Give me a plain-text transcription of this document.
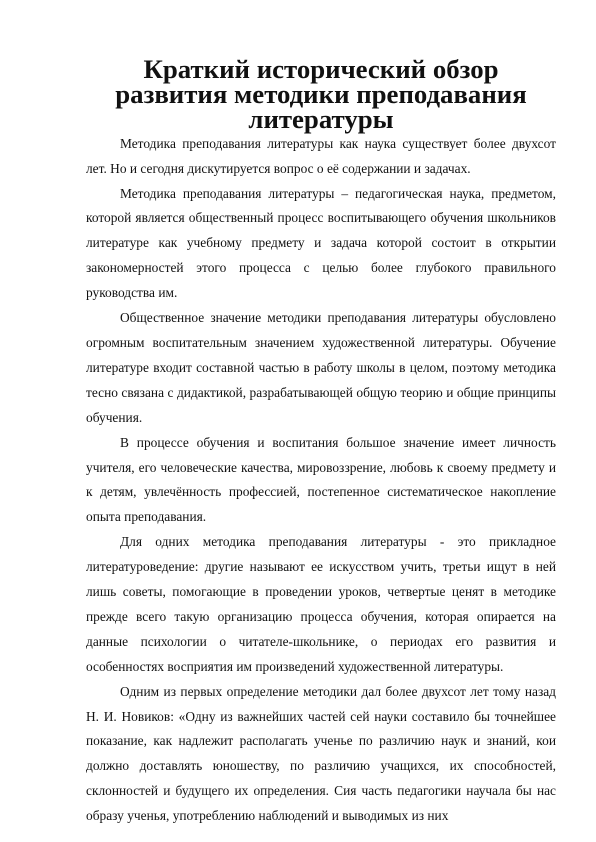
Краткий исторический обзор развития методики преподавания литературы

Методика преподавания литературы как наука существует более двухсот лет. Но и сегодня дискутируется вопрос о её содержании и задачах.

Методика преподавания литературы – педагогическая наука, предметом, которой является общественный процесс воспитывающего обучения школьников литературе как учебному предмету и задача которой состоит в открытии закономерностей этого процесса с целью более глубокого правильного руководства им.

Общественное значение методики преподавания литературы обусловлено огромным воспитательным значением художественной литературы. Обучение литературе входит составной частью в работу школы в целом, поэтому методика тесно связана с дидактикой, разрабатывающей общую теорию и общие принципы обучения.

В процессе обучения и воспитания большое значение имеет личность учителя, его человеческие качества, мировоззрение, любовь к своему предмету и к детям, увлечённость профессией, постепенное систематическое накопление опыта преподавания.

Для одних методика преподавания литературы - это прикладное литературоведение: другие называют ее искусством учить, третьи ищут в ней лишь советы, помогающие в проведении уроков, четвертые ценят в методике прежде всего такую организацию процесса обучения, которая опирается на данные психологии о читателе-школьнике, о периодах его развития и особенностях восприятия им произведений художественной литературы.

Одним из первых определение методики дал более двухсот лет тому назад Н. И. Новиков: «Одну из важнейших частей сей науки составило бы точнейшее показание, как надлежит располагать ученье по различию наук и знаний, кои должно доставлять юношеству, по различию учащихся, их способностей, склонностей и будущего их определения. Сия часть педагогики научала бы нас образу ученья, употреблению наблюдений и выводимых из них
